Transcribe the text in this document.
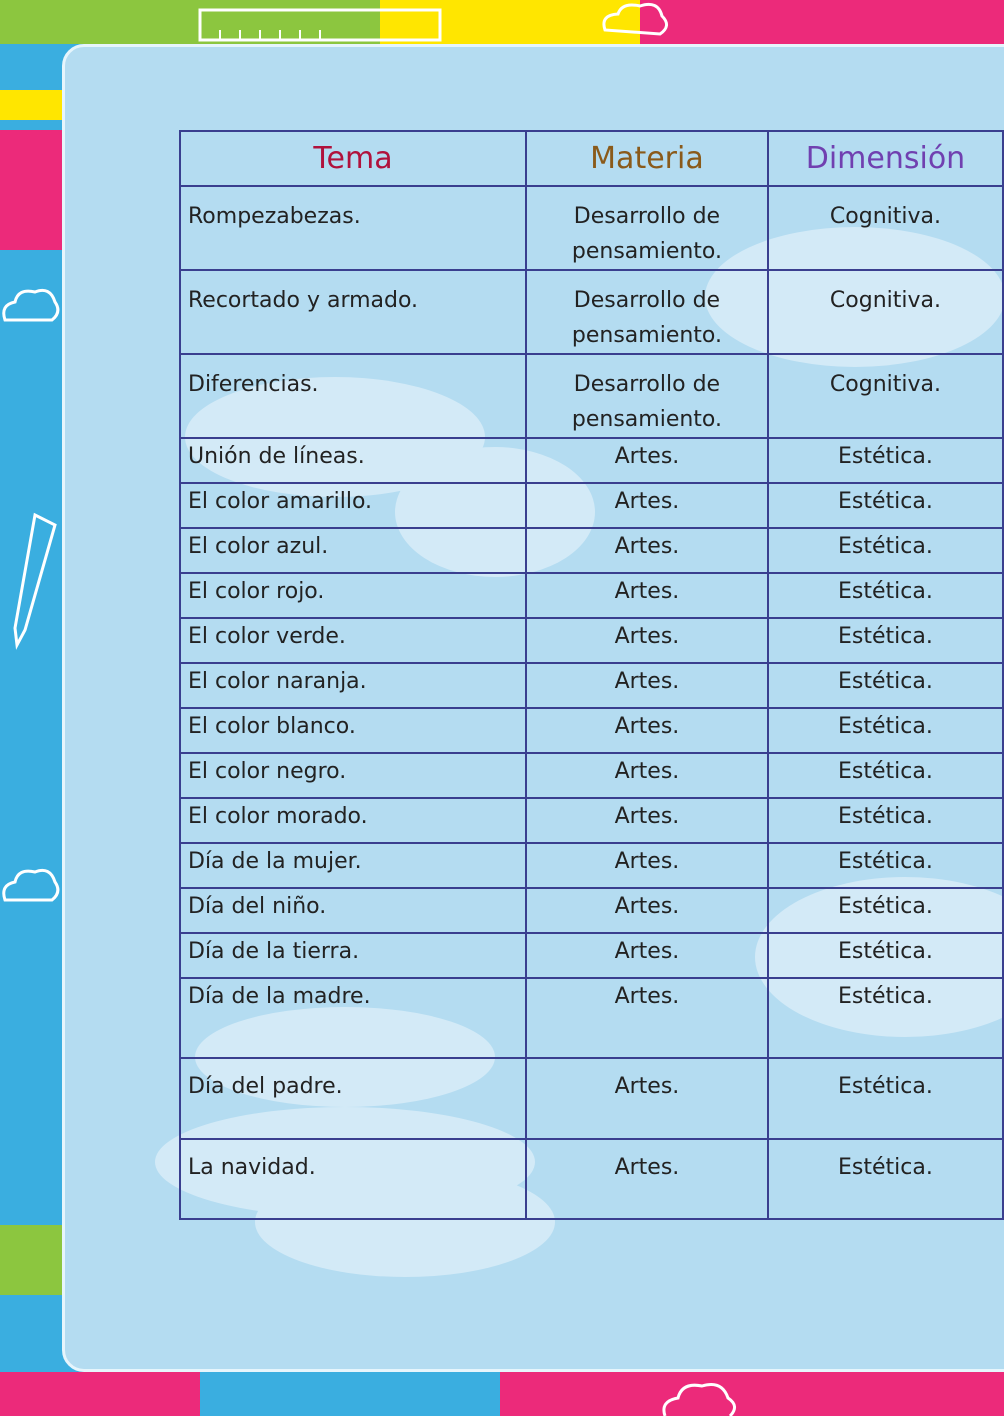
Tema	Materia	Dimensión

Rompezabezas.	Desarrollo de pensamiento.	Cognitiva.

Recortado y armado.	Desarrollo de pensamiento.	Cognitiva.

Diferencias.	Desarrollo de pensamiento.	Cognitiva.

Unión de líneas.	Artes.	Estética.

El color amarillo.	Artes.	Estética.

El color azul.	Artes.	Estética.

El color rojo.	Artes.	Estética.

El color verde.	Artes.	Estética.

El color naranja.	Artes.	Estética.

El color blanco.	Artes.	Estética.

El color negro.	Artes.	Estética.

El color morado.	Artes.	Estética.

Día de la mujer.	Artes.	Estética.

Día del niño.	Artes.	Estética.

Día de la tierra.	Artes.	Estética.

Día de la madre.	Artes.	Estética.

Día del padre.	Artes.	Estética.

La navidad.	Artes.	Estética.
